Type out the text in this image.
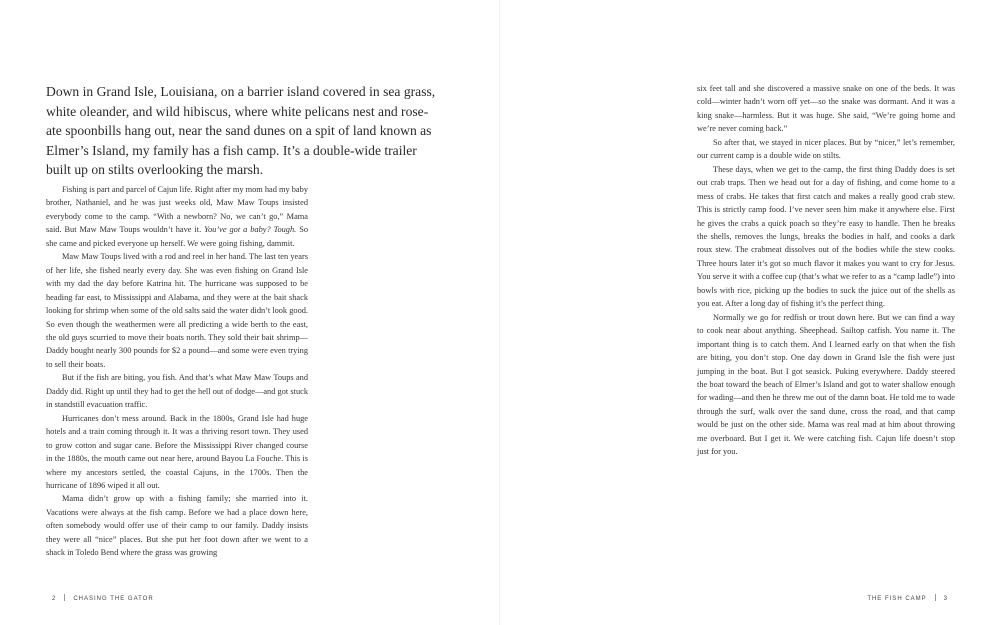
Down in Grand Isle, Louisiana, on a barrier island covered in sea grass, white oleander, and wild hibiscus, where white pelicans nest and rose-ate spoonbills hang out, near the sand dunes on a spit of land known as Elmer’s Island, my family has a fish camp. It’s a double-wide trailer built up on stilts overlooking the marsh.

Fishing is part and parcel of Cajun life. Right after my mom had my baby brother, Nathaniel, and he was just weeks old, Maw Maw Toups insisted everybody come to the camp. “With a newborn? No, we can’t go,” Mama said. But Maw Maw Toups wouldn’t have it. You’ve got a baby? Tough. So she came and picked everyone up herself. We were going fishing, dammit.

Maw Maw Toups lived with a rod and reel in her hand. The last ten years of her life, she fished nearly every day. She was even fishing on Grand Isle with my dad the day before Katrina hit. The hurricane was supposed to be heading far east, to Mississippi and Alabama, and they were at the bait shack looking for shrimp when some of the old salts said the water didn’t look good. So even though the weathermen were all predicting a wide berth to the east, the old guys scurried to move their boats north. They sold their bait shrimp—Daddy bought nearly 300 pounds for $2 a pound—and some were even trying to sell their boats.

But if the fish are biting, you fish. And that’s what Maw Maw Toups and Daddy did. Right up until they had to get the hell out of dodge—and got stuck in standstill evacuation traffic.

Hurricanes don’t mess around. Back in the 1800s, Grand Isle had huge hotels and a train coming through it. It was a thriving resort town. They used to grow cotton and sugar cane. Before the Mississippi River changed course in the 1880s, the mouth came out near here, around Bayou La Fouche. This is where my ancestors settled, the coastal Cajuns, in the 1700s. Then the hurricane of 1896 wiped it all out.

Mama didn’t grow up with a fishing family; she married into it. Vacations were always at the fish camp. Before we had a place down here, often somebody would offer use of their camp to our family. Daddy insists they were all “nice” places. But she put her foot down after we went to a shack in Toledo Bend where the grass was growing

2	CHASING THE GATOR

six feet tall and she discovered a massive snake on one of the beds. It was cold—winter hadn’t worn off yet—so the snake was dormant. And it was a king snake—harmless. But it was huge. She said, “We’re going home and we’re never coming back.”

So after that, we stayed in nicer places. But by “nicer,” let’s remember, our current camp is a double wide on stilts.

These days, when we get to the camp, the first thing Daddy does is set out crab traps. Then we head out for a day of fishing, and come home to a mess of crabs. He takes that first catch and makes a really good crab stew. This is strictly camp food. I’ve never seen him make it anywhere else. First he gives the crabs a quick poach so they’re easy to handle. Then he breaks the shells, removes the lungs, breaks the bodies in half, and cooks a dark roux stew. The crabmeat dissolves out of the bodies while the stew cooks. Three hours later it’s got so much flavor it makes you want to cry for Jesus. You serve it with a coffee cup (that’s what we refer to as a “camp ladle”) into bowls with rice, picking up the bodies to suck the juice out of the shells as you eat. After a long day of fishing it’s the perfect thing.

Normally we go for redfish or trout down here. But we can find a way to cook near about anything. Sheephead. Sailtop catfish. You name it. The important thing is to catch them. And I learned early on that when the fish are biting, you don’t stop. One day down in Grand Isle the fish were just jumping in the boat. But I got seasick. Puking everywhere. Daddy steered the boat toward the beach of Elmer’s Island and got to water shallow enough for wading—and then he threw me out of the damn boat. He told me to wade through the surf, walk over the sand dune, cross the road, and that camp would be just on the other side. Mama was real mad at him about throwing me overboard. But I get it. We were catching fish. Cajun life doesn’t stop just for you.

THE FISH CAMP	3
